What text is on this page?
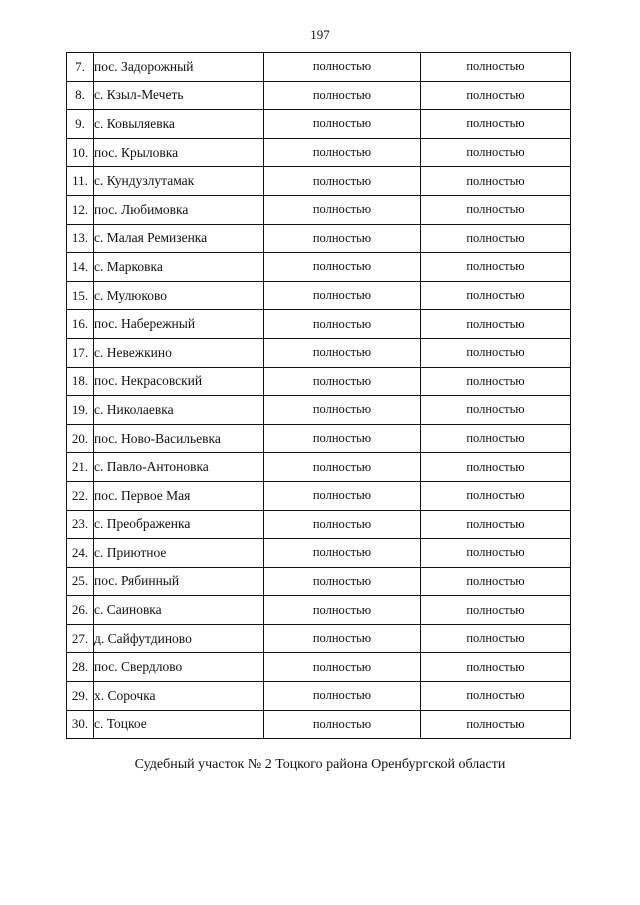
197
7.	пос. Задорожный	полностью	полностью
8.	с. Кзыл-Мечеть	полностью	полностью
9.	с. Ковыляевка	полностью	полностью
10.	пос. Крыловка	полностью	полностью
11.	с. Кундузлутамак	полностью	полностью
12.	пос. Любимовка	полностью	полностью
13.	с. Малая Ремизенка	полностью	полностью
14.	с. Марковка	полностью	полностью
15.	с. Мулюково	полностью	полностью
16.	пос. Набережный	полностью	полностью
17.	с. Невежкино	полностью	полностью
18.	пос. Некрасовский	полностью	полностью
19.	с. Николаевка	полностью	полностью
20.	пос. Ново-Васильевка	полностью	полностью
21.	с. Павло-Антоновка	полностью	полностью
22.	пос. Первое Мая	полностью	полностью
23.	с. Преображенка	полностью	полностью
24.	с. Приютное	полностью	полностью
25.	пос. Рябинный	полностью	полностью
26.	с. Саиновка	полностью	полностью
27.	д. Сайфутдиново	полностью	полностью
28.	пос. Свердлово	полностью	полностью
29.	х. Сорочка	полностью	полностью
30.	с. Тоцкое	полностью	полностью
Судебный участок № 2 Тоцкого района Оренбургской области
